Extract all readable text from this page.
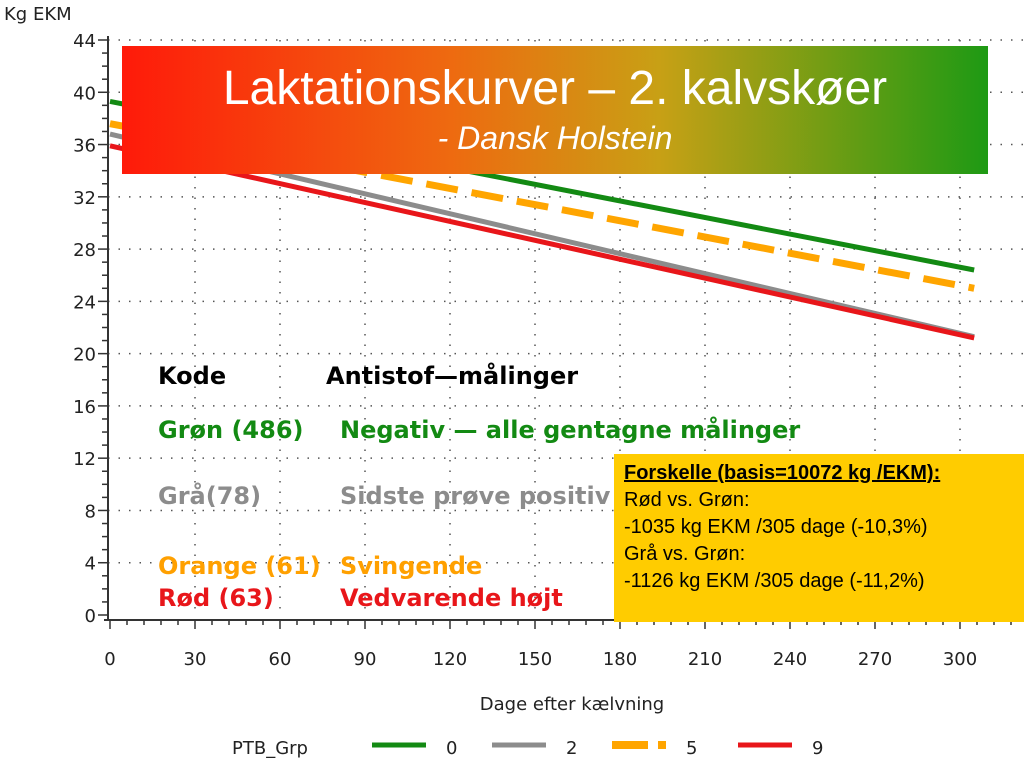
0
4
8
12
16
20
24
28
32
36
40
44
0	30	60	90	120	150	180	210	240	270	300
Kg EKM
Dage efter kælvning
PTB_Grp	0	2	5	9
Laktationskurver – 2. kalvskøer
- Dansk Holstein
Kode	Antistof—målinger
Grøn (486) Negativ — alle gentagne målinger
Grå(78)	Sidste prøve positiv
Orange (61) Svingende
Rød (63)	Vedvarende højt
Forskelle (basis=10072 kg /EKM):
Rød vs. Grøn:
-1035 kg EKM /305 dage (-10,3%)
Grå vs. Grøn:
-1126 kg EKM /305 dage (-11,2%)
